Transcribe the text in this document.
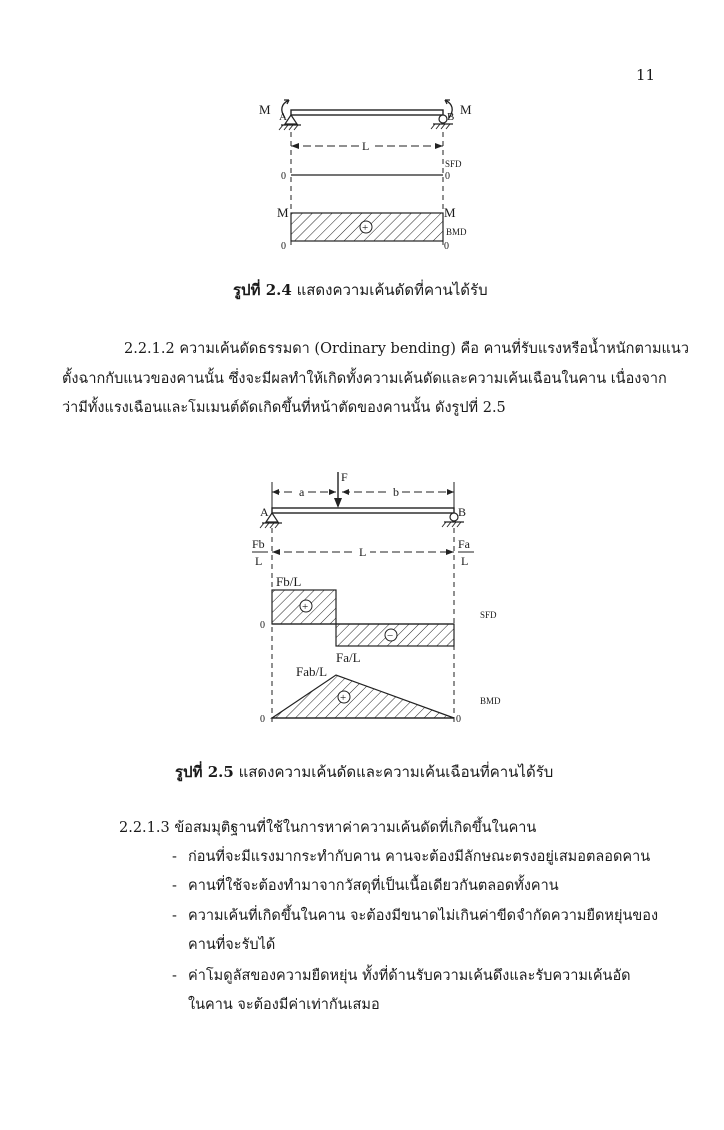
11
M A	B M
L
SFD
0	0
+
M	M
BMD
0	0
รูปที่ 2.4 แสดงความเค้นดัดที่คานได้รับ
2.2.1.2 ความเค้นดัดธรรมดา (Ordinary bending) คือ คานที่รับแรงหรือน้ำหนักตามแนว
ตั้งฉากกับแนวของคานนั้น ซึ่งจะมีผลทำให้เกิดทั้งความเค้นดัดและความเค้นเฉือนในคาน เนื่องจาก
ว่ามีทั้งแรงเฉือนและโมเมนต์ดัดเกิดขึ้นที่หน้าตัดของคานนั้น ดังรูปที่ 2.5
a	b
F
A	B
Fb
L
Fa
L
L
+
−
Fb/L
Fa/L
SFD
0
+
Fab/L
BMD
0	0
รูปที่ 2.5 แสดงความเค้นดัดและความเค้นเฉือนที่คานได้รับ
2.2.1.3 ข้อสมมุติฐานที่ใช้ในการหาค่าความเค้นดัดที่เกิดขึ้นในคาน
- ก่อนที่จะมีแรงมากระทำกับคาน คานจะต้องมีลักษณะตรงอยู่เสมอตลอดคาน
- คานที่ใช้จะต้องทำมาจากวัสดุที่เป็นเนื้อเดียวกันตลอดทั้งคาน
- ความเค้นที่เกิดขึ้นในคาน จะต้องมีขนาดไม่เกินค่าขีดจำกัดความยืดหยุ่นของ
คานที่จะรับได้
- ค่าโมดูลัสของความยืดหยุ่น ทั้งที่ด้านรับความเค้นดึงและรับความเค้นอัด
ในคาน จะต้องมีค่าเท่ากันเสมอ
